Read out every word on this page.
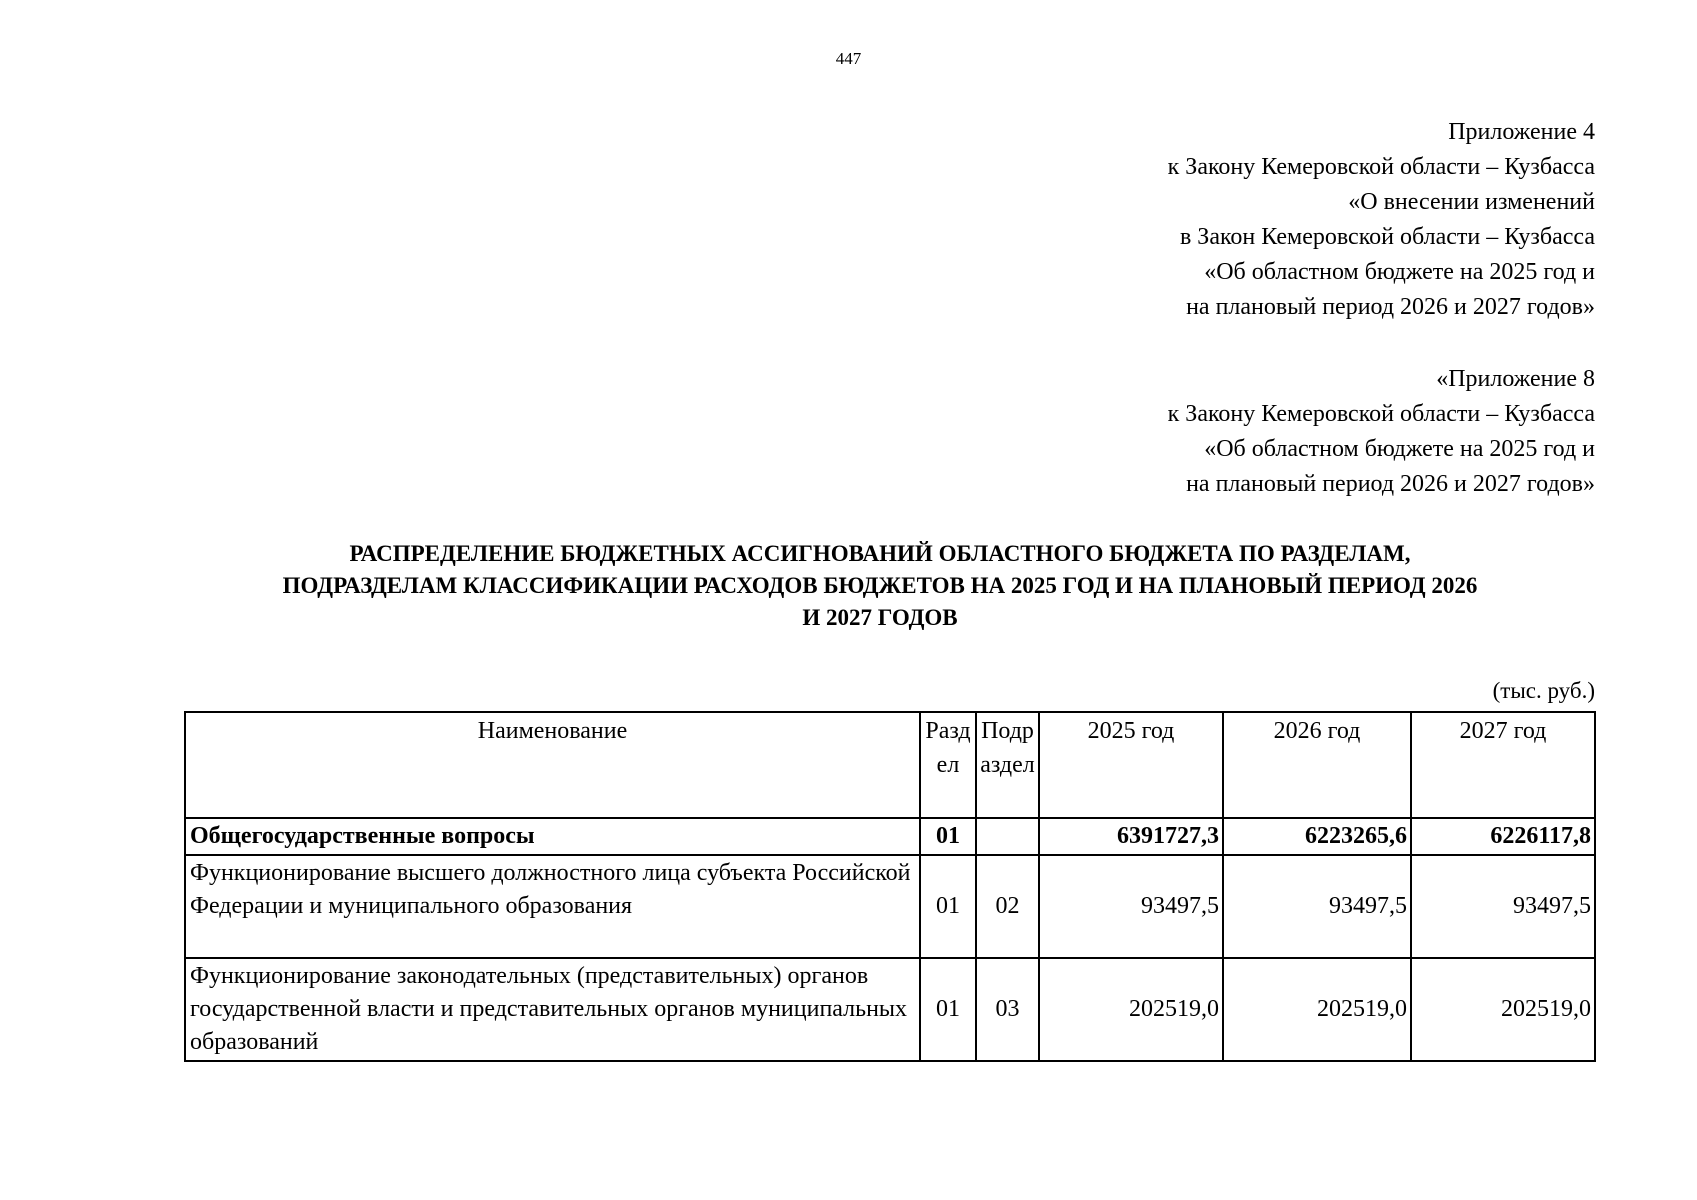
447
Приложение 4
к Закону Кемеровской области – Кузбасса
«О внесении изменений
в Закон Кемеровской области – Кузбасса
«Об областном бюджете на 2025 год и
на плановый период 2026 и 2027 годов»
«Приложение 8
к Закону Кемеровской области – Кузбасса
«Об областном бюджете на 2025 год и
на плановый период 2026 и 2027 годов»
РАСПРЕДЕЛЕНИЕ БЮДЖЕТНЫХ АССИГНОВАНИЙ ОБЛАСТНОГО БЮДЖЕТА ПО РАЗДЕЛАМ,
ПОДРАЗДЕЛАМ КЛАССИФИКАЦИИ РАСХОДОВ БЮДЖЕТОВ НА 2025 ГОД И НА ПЛАНОВЫЙ ПЕРИОД 2026
И 2027 ГОДОВ
(тыс. руб.)
Наименование	Раздел	Подраздел	2025 год	2026 год	2027 год
Общегосударственные вопросы	01		6391727,3	6223265,6	6226117,8
Функционирование высшего должностного лица субъекта Российской Федерации и муниципального образования	01	02	93497,5	93497,5	93497,5
Функционирование законодательных (представительных) органов государственной власти и представительных органов муниципальных образований	01	03	202519,0	202519,0	202519,0
